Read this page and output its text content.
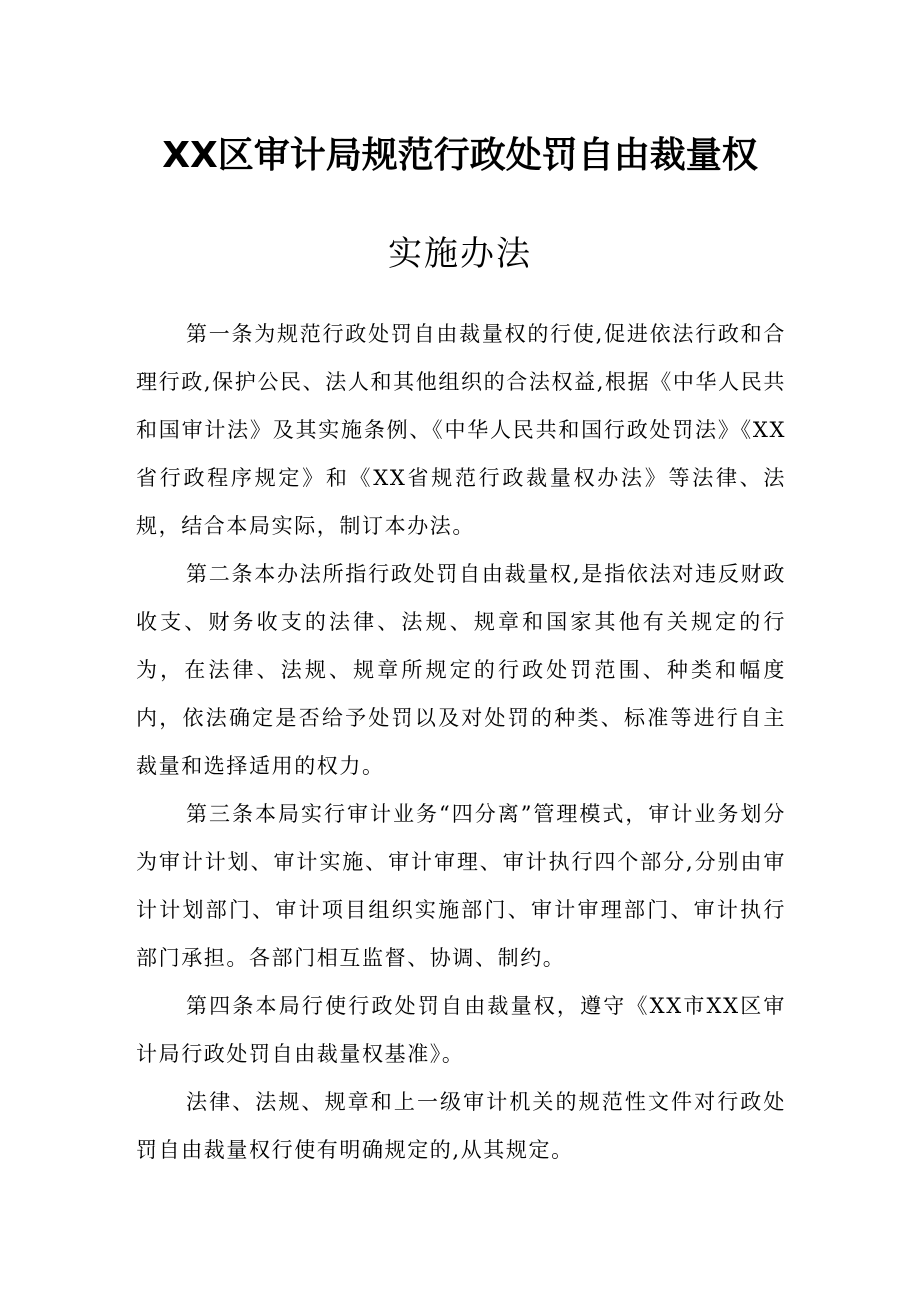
XX区审计局规范行政处罚自由裁量权
实施办法

第一条为规范行政处罚自由裁量权的行使,促进依法行政和合理行政,保护公民、法人和其他组织的合法权益,根据《中华人民共和国审计法》及其实施条例、《中华人民共和国行政处罚法》《XX省行政程序规定》和《XX省规范行政裁量权办法》等法律、法规，结合本局实际，制订本办法。

第二条本办法所指行政处罚自由裁量权,是指依法对违反财政收支、财务收支的法律、法规、规章和国家其他有关规定的行为，在法律、法规、规章所规定的行政处罚范围、种类和幅度内，依法确定是否给予处罚以及对处罚的种类、标准等进行自主裁量和选择适用的权力。

第三条本局实行审计业务“四分离”管理模式，审计业务划分为审计计划、审计实施、审计审理、审计执行四个部分,分别由审计计划部门、审计项目组织实施部门、审计审理部门、审计执行部门承担。各部门相互监督、协调、制约。

第四条本局行使行政处罚自由裁量权，遵守《XX市XX区审计局行政处罚自由裁量权基准》。

法律、法规、规章和上一级审计机关的规范性文件对行政处罚自由裁量权行使有明确规定的,从其规定。
